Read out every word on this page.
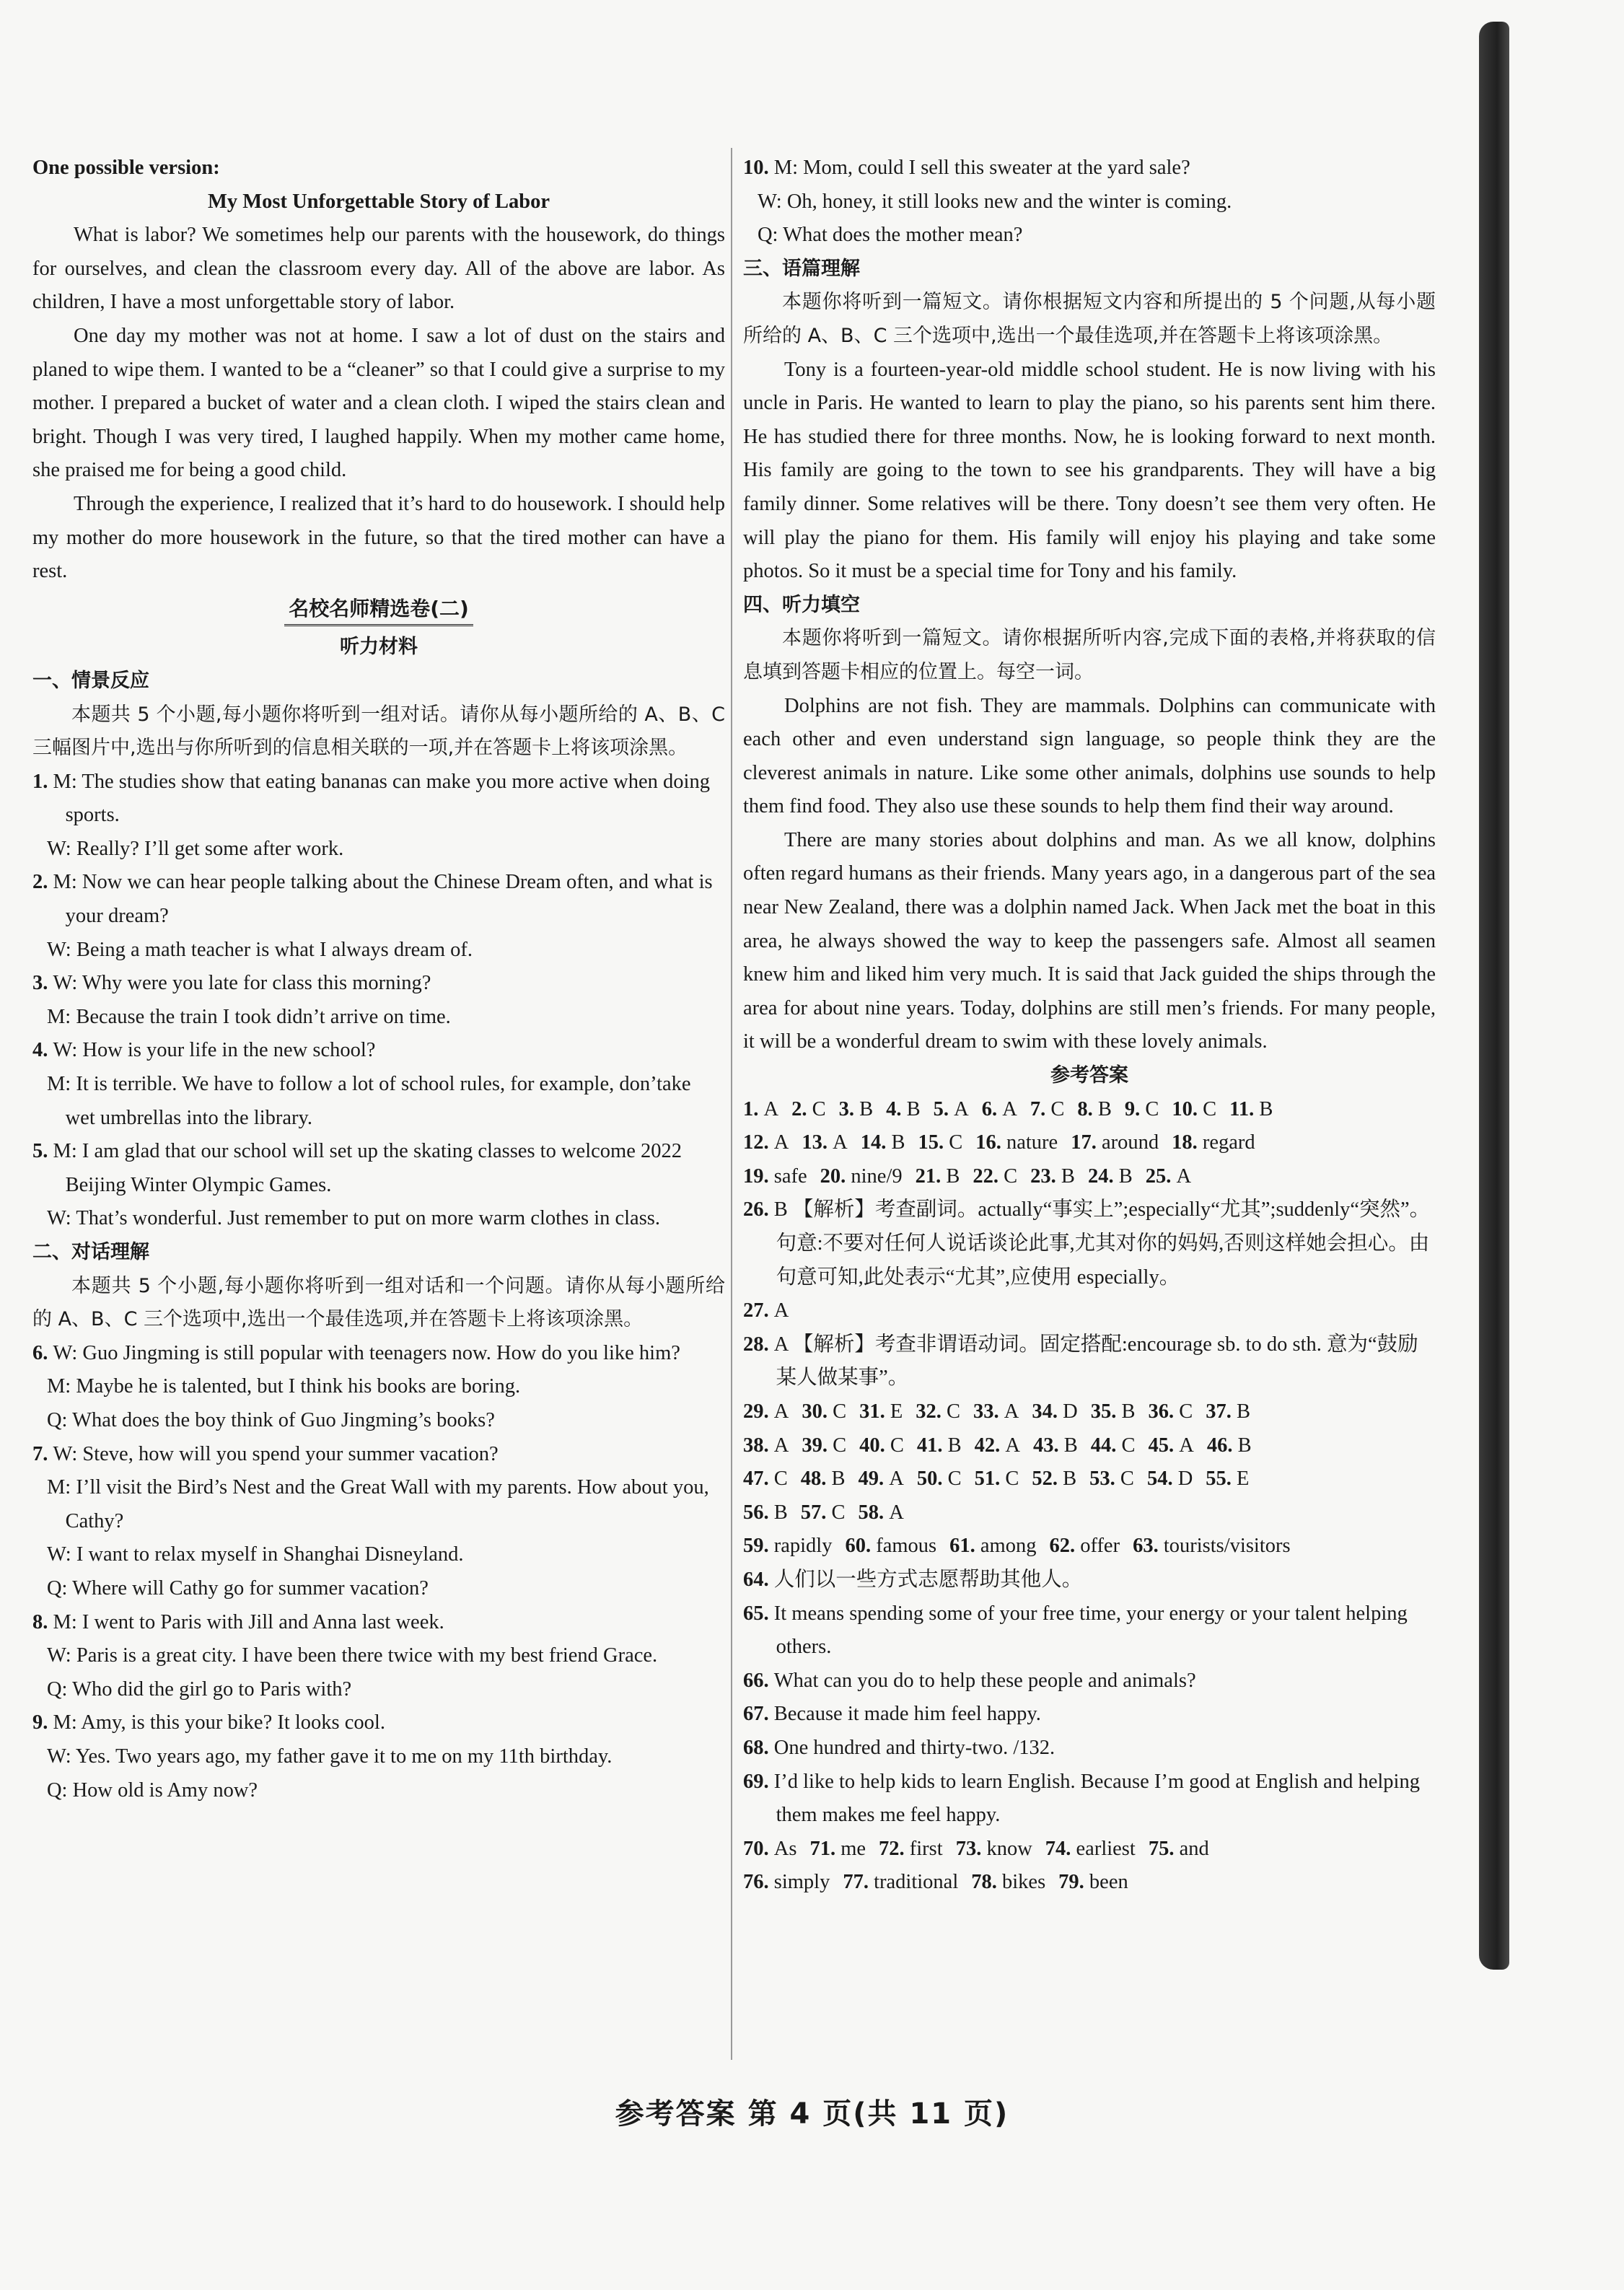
One possible version:

My Most Unforgettable Story of Labor

What is labor? We sometimes help our parents with the housework, do things for ourselves, and clean the classroom every day. All of the above are labor. As children, I have a most unforgettable story of labor.

One day my mother was not at home. I saw a lot of dust on the stairs and planed to wipe them. I wanted to be a “cleaner” so that I could give a surprise to my mother. I prepared a bucket of water and a clean cloth. I wiped the stairs clean and bright. Though I was very tired, I laughed happily. When my mother came home, she praised me for being a good child.

Through the experience, I realized that it’s hard to do housework. I should help my mother do more housework in the future, so that the tired mother can have a rest.

名校名师精选卷(二)

听力材料

一、情景反应

本题共 5 个小题,每小题你将听到一组对话。请你从每小题所给的 A、B、C 三幅图片中,选出与你所听到的信息相关联的一项,并在答题卡上将该项涂黑。

1. M: The studies show that eating bananas can make you more active when doing sports.

W: Really? I’ll get some after work.

2. M: Now we can hear people talking about the Chinese Dream often, and what is your dream?

W: Being a math teacher is what I always dream of.

3. W: Why were you late for class this morning?

M: Because the train I took didn’t arrive on time.

4. W: How is your life in the new school?

M: It is terrible. We have to follow a lot of school rules, for example, don’take wet umbrellas into the library.

5. M: I am glad that our school will set up the skating classes to welcome 2022 Beijing Winter Olympic Games.

W: That’s wonderful. Just remember to put on more warm clothes in class.

二、对话理解

本题共 5 个小题,每小题你将听到一组对话和一个问题。请你从每小题所给的 A、B、C 三个选项中,选出一个最佳选项,并在答题卡上将该项涂黑。

6. W: Guo Jingming is still popular with teenagers now. How do you like him?

M: Maybe he is talented, but I think his books are boring.

Q: What does the boy think of Guo Jingming’s books?

7. W: Steve, how will you spend your summer vacation?

M: I’ll visit the Bird’s Nest and the Great Wall with my parents. How about you, Cathy?

W: I want to relax myself in Shanghai Disneyland.

Q: Where will Cathy go for summer vacation?

8. M: I went to Paris with Jill and Anna last week.

W: Paris is a great city. I have been there twice with my best friend Grace.

Q: Who did the girl go to Paris with?

9. M: Amy, is this your bike? It looks cool.

W: Yes. Two years ago, my father gave it to me on my 11th birthday.

Q: How old is Amy now?

10. M: Mom, could I sell this sweater at the yard sale?

W: Oh, honey, it still looks new and the winter is coming.

Q: What does the mother mean?

三、语篇理解

本题你将听到一篇短文。请你根据短文内容和所提出的 5 个问题,从每小题所给的 A、B、C 三个选项中,选出一个最佳选项,并在答题卡上将该项涂黑。

Tony is a fourteen-year-old middle school student. He is now living with his uncle in Paris. He wanted to learn to play the piano, so his parents sent him there. He has studied there for three months. Now, he is looking forward to next month. His family are going to the town to see his grandparents. They will have a big family dinner. Some relatives will be there. Tony doesn’t see them very often. He will play the piano for them. His family will enjoy his playing and take some photos. So it must be a special time for Tony and his family.

四、听力填空

本题你将听到一篇短文。请你根据所听内容,完成下面的表格,并将获取的信息填到答题卡相应的位置上。每空一词。

Dolphins are not fish. They are mammals. Dolphins can communicate with each other and even understand sign language, so people think they are the cleverest animals in nature. Like some other animals, dolphins use sounds to help them find food. They also use these sounds to help them find their way around.

There are many stories about dolphins and man. As we all know, dolphins often regard humans as their friends. Many years ago, in a dangerous part of the sea near New Zealand, there was a dolphin named Jack. When Jack met the boat in this area, he always showed the way to keep the passengers safe. Almost all seamen knew him and liked him very much. It is said that Jack guided the ships through the area for about nine years. Today, dolphins are still men’s friends. For many people, it will be a wonderful dream to swim with these lovely animals.

参考答案

1. A 2. C 3. B 4. B 5. A 6. A 7. C 8. B 9. C 10. C 11. B

12. A 13. A 14. B 15. C 16. nature 17. around 18. regard

19. safe 20. nine/9 21. B 22. C 23. B 24. B 25. A

26. B 【解析】考查副词。actually“事实上”;especially“尤其”;suddenly“突然”。句意:不要对任何人说话谈论此事,尤其对你的妈妈,否则这样她会担心。由句意可知,此处表示“尤其”,应使用 especially。

27. A

28. A 【解析】考查非谓语动词。固定搭配:encourage sb. to do sth. 意为“鼓励某人做某事”。

29. A 30. C 31. E 32. C 33. A 34. D 35. B 36. C 37. B

38. A 39. C 40. C 41. B 42. A 43. B 44. C 45. A 46. B

47. C 48. B 49. A 50. C 51. C 52. B 53. C 54. D 55. E

56. B 57. C 58. A

59. rapidly 60. famous 61. among 62. offer 63. tourists/visitors

64. 人们以一些方式志愿帮助其他人。

65. It means spending some of your free time, your energy or your talent helping others.

66. What can you do to help these people and animals?

67. Because it made him feel happy.

68. One hundred and thirty-two. /132.

69. I’d like to help kids to learn English. Because I’m good at English and helping them makes me feel happy.

70. As 71. me 72. first 73. know 74. earliest 75. and

76. simply 77. traditional 78. bikes 79. been

参考答案 第 4 页(共 11 页)
